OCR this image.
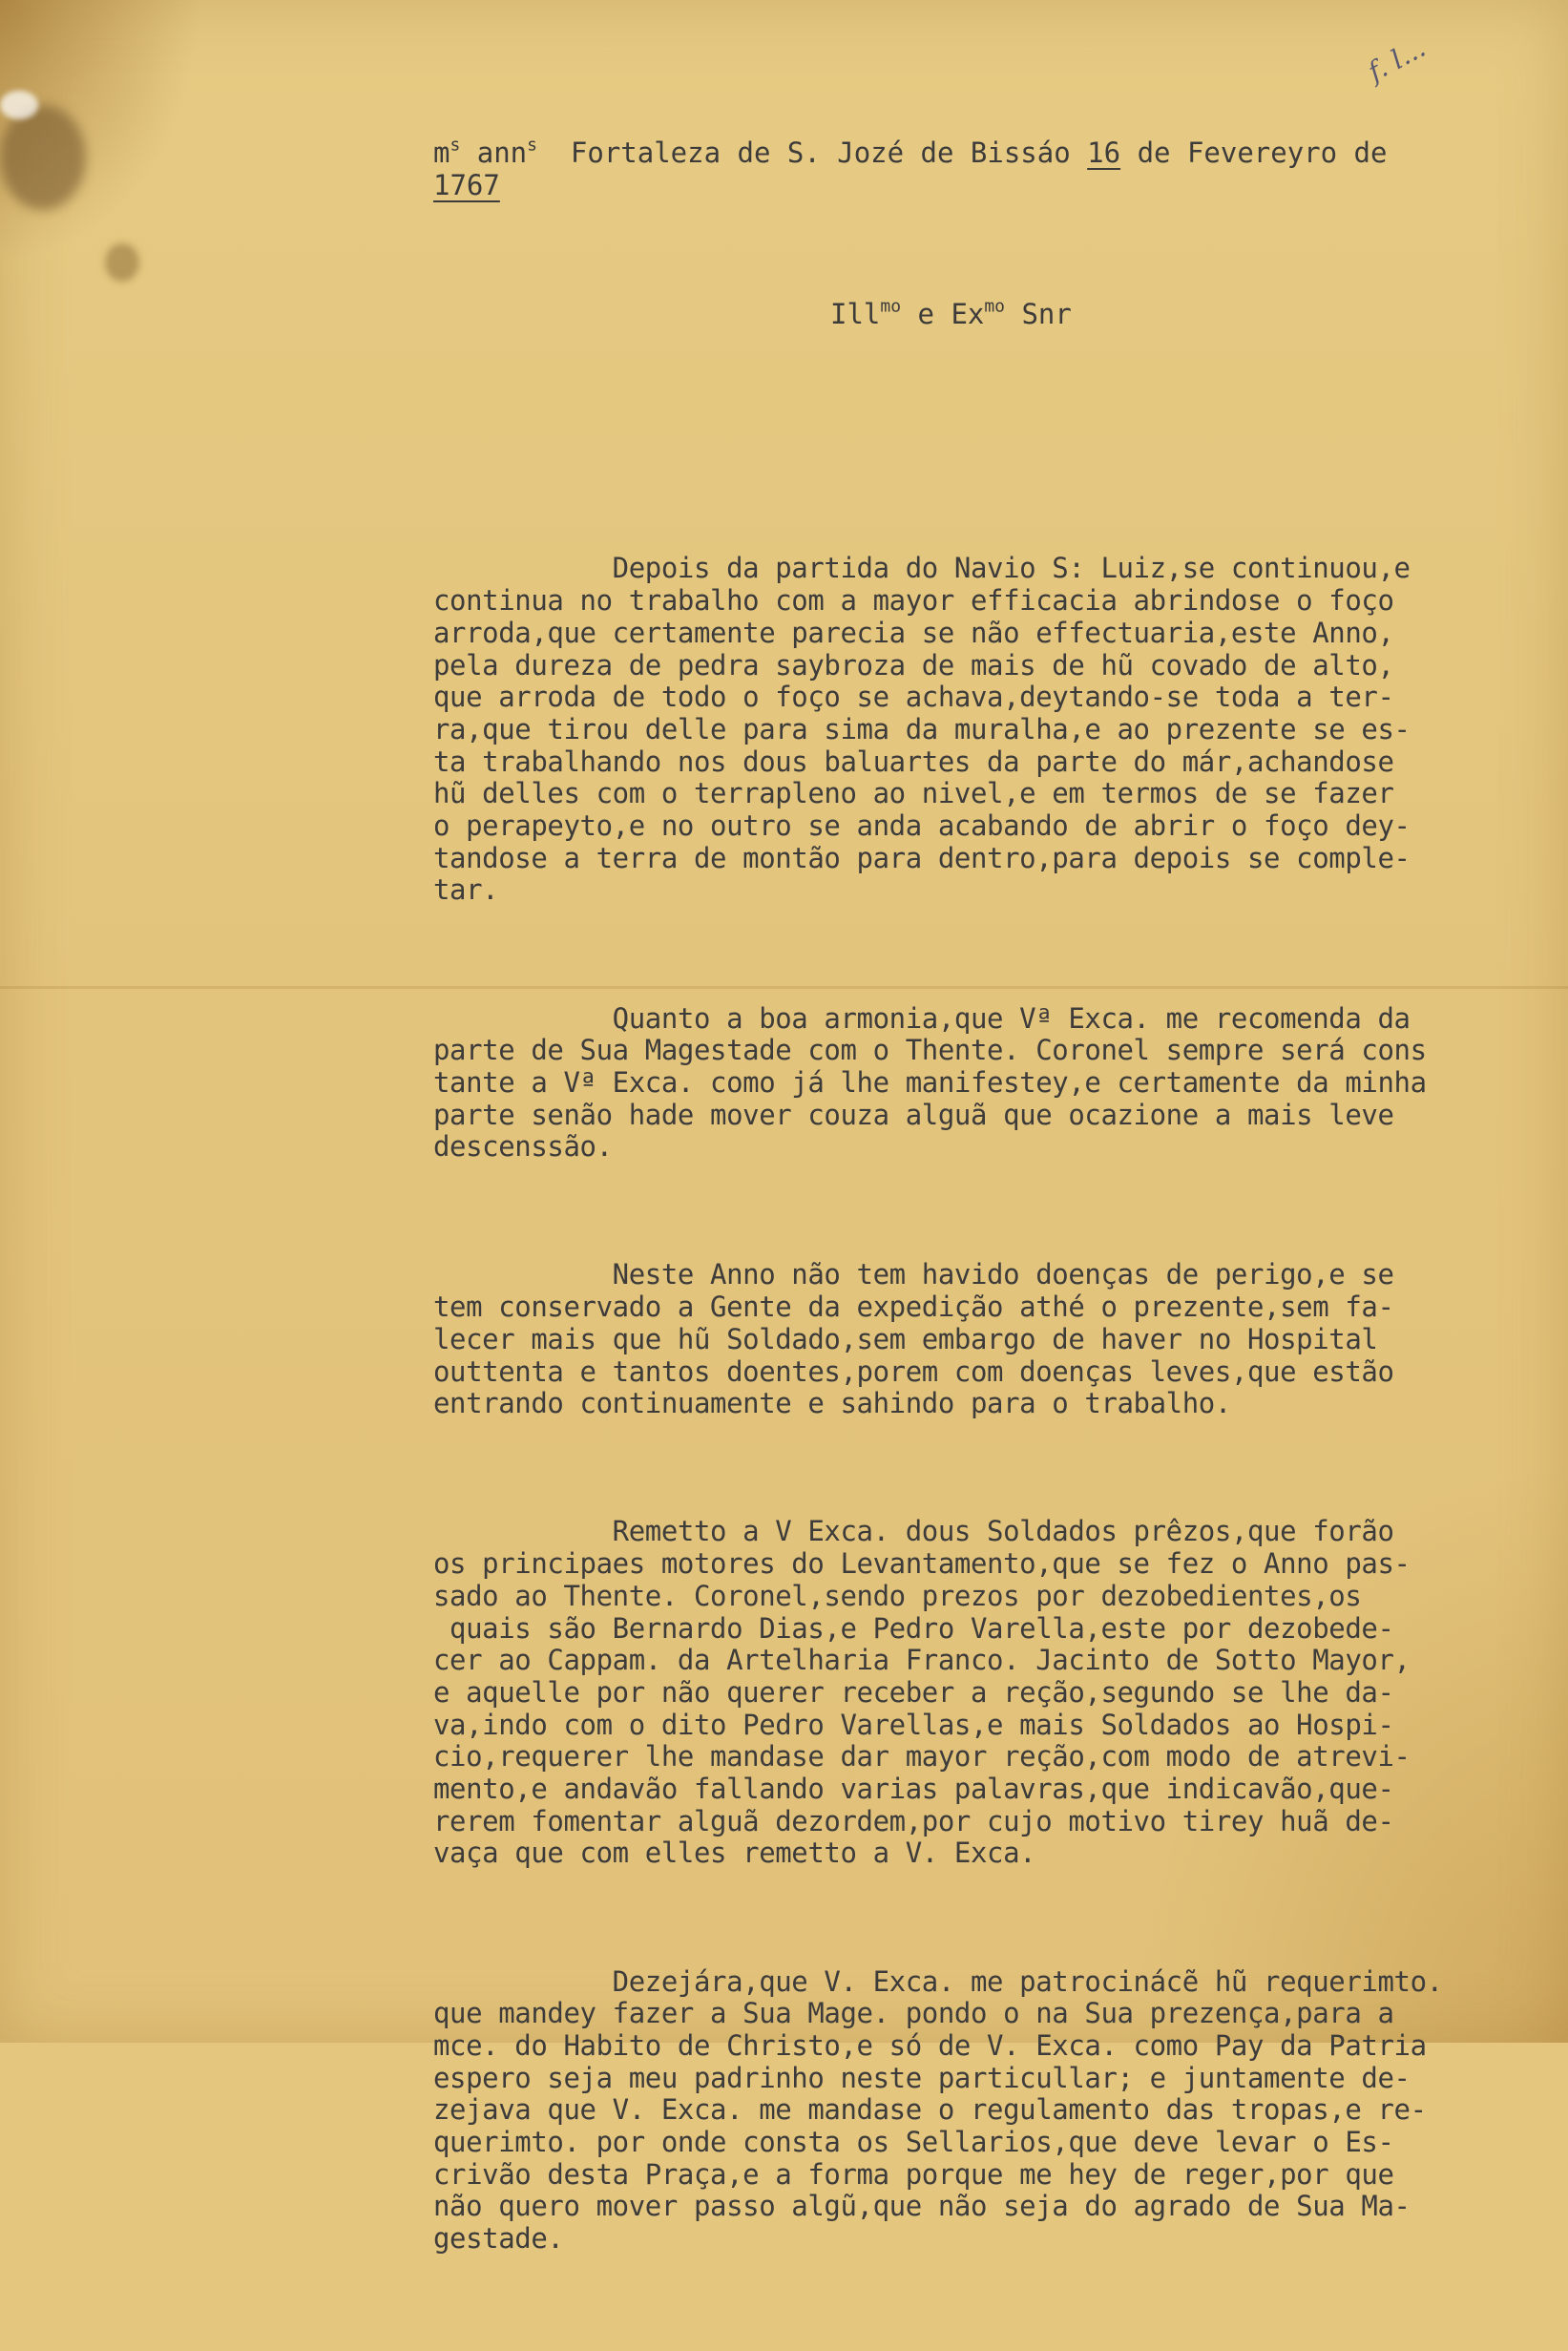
f. l...
$m^s$ ann$^s$ Fortaleza de S. Jozé de Bissáo 16 de Fevereyro de
1767
Ill$^{mo}$ e $Ex^{mo}$ Snr

Depois da partida do Navio S: Luiz,se continuou,e
continua no trabalho com a mayor efficacia abrindose o foço
arroda,que certamente parecia se não effectuaria,este Anno,
pela dureza de pedra saybroza de mais de hũ covado de alto,
que arroda de todo o foço se achava,deytando-se toda a ter-
ra,que tirou delle para sima da muralha,e ao prezente se es-
ta trabalhando nos dous baluartes da parte do már,achandose
hũ delles com o terrapleno ao nivel,e em termos de se fazer
o perapeyto,e no outro se anda acabando de abrir o foço dey-
tandose a terra de montão para dentro,para depois se comple-
tar.

Quanto a boa armonia,que Vª Exca. me recomenda da
parte de Sua Magestade com o Thente. Coronel sempre será cons
tante a Vª Exca. como já lhe manifestey,e certamente da minha
parte senão hade mover couza alguã que ocazione a mais leve
descenssão.

Neste Anno não tem havido doenças de perigo,e se
tem conservado a Gente da expedição athé o prezente,sem fa-
lecer mais que hũ Soldado,sem embargo de haver no Hospital
outtenta e tantos doentes,porem com doenças leves,que estão
entrando continuamente e sahindo para o trabalho.

Remetto a V Exca. dous Soldados prêzos,que forão
os principaes motores do Levantamento,que se fez o Anno pas-
sado ao Thente. Coronel,sendo prezos por dezobedientes,os
quais são Bernardo Dias,e Pedro Varella,este por dezobede-
cer ao Cappam. da Artelharia Franco. Jacinto de Sotto Mayor,
e aquelle por não querer receber a reção,segundo se lhe da-
va,indo com o dito Pedro Varellas,e mais Soldados ao Hospi-
cio,requerer lhe mandase dar mayor reção,com modo de atrevi-
mento,e andavão fallando varias palavras,que indicavão,que-
rerem fomentar alguã dezordem,por cujo motivo tirey huã de-
vaça que com elles remetto a V. Exca.

Dezejára,que V. Exca. me patrocinácẽ hũ requerimto.
que mandey fazer a Sua Mage. pondo o na Sua prezença,para a
mce. do Habito de Christo,e só de V. Exca. como Pay da Patria
espero seja meu padrinho neste particullar; e juntamente de-
zejava que V. Exca. me mandase o regulamento das tropas,e re-
querimto. por onde consta os Sellarios,que deve levar o Es-
crivão desta Praça,e a forma porque me hey de reger,por que
não quero mover passo algũ,que não seja do agrado de Sua Ma-
gestade.
